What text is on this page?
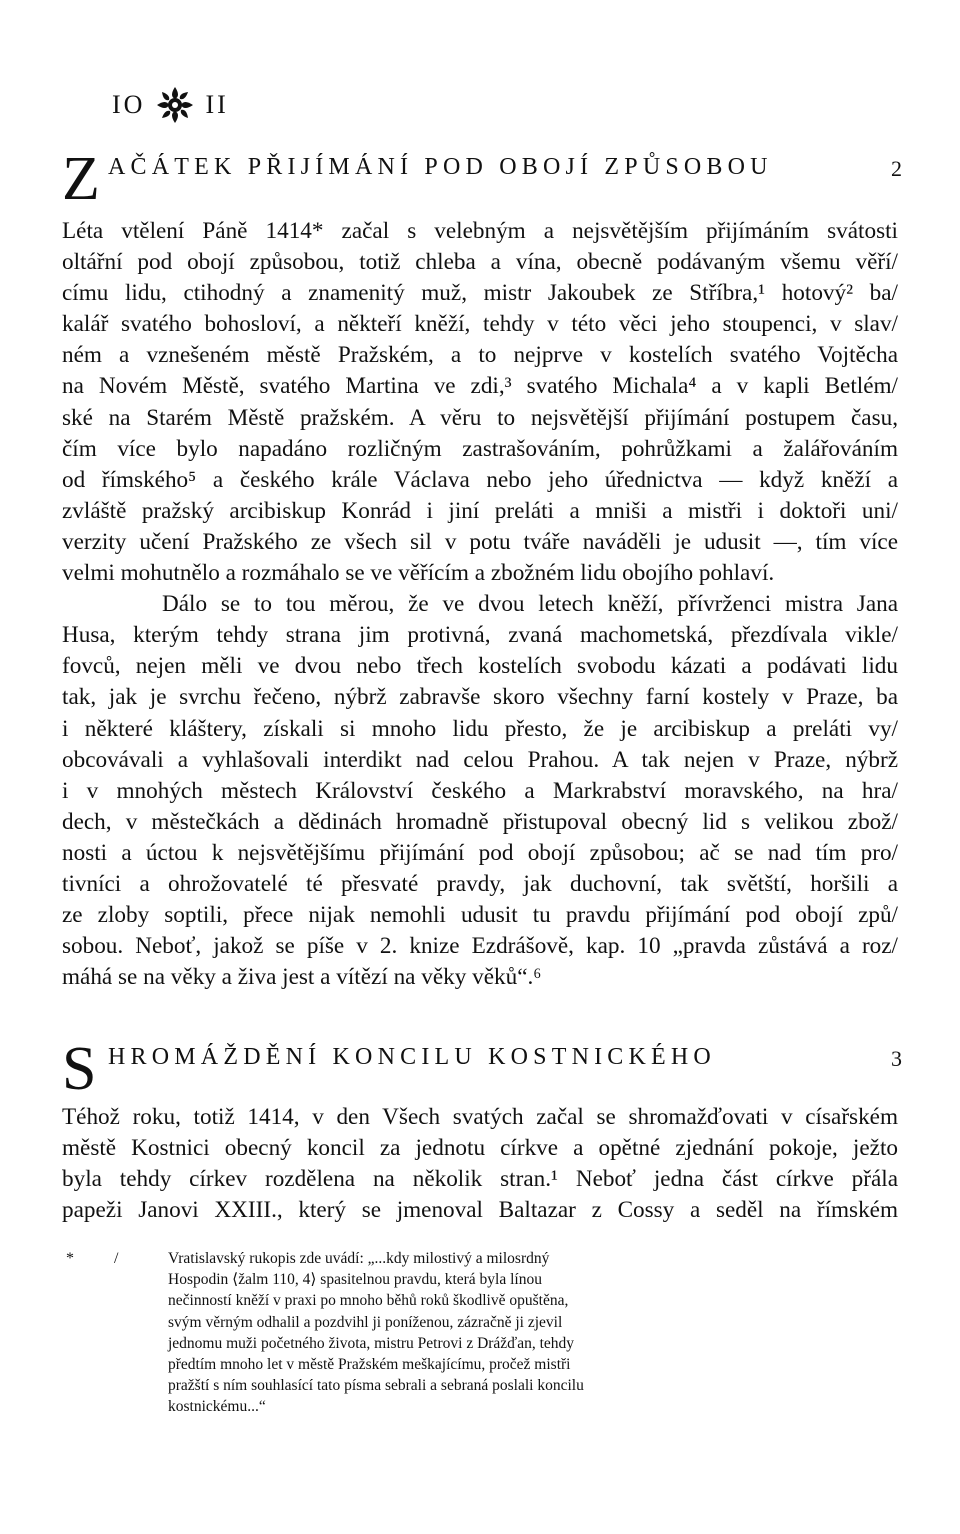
IO II
Z AČÁTEK PŘIJÍMÁNÍ POD OBOJÍ ZPŮSOBOU	2
Léta vtělení Páně 1414* začal s velebným a nejsvětějším přijímáním svátosti
oltářní pod obojí způsobou, totiž chleba a vína, obecně podávaným všemu věří/
címu lidu, ctihodný a znamenitý muž, mistr Jakoubek ze Stříbra,¹ hotový² ba/
kalář svatého bohosloví, a někteří kněží, tehdy v této věci jeho stoupenci, v slav/
ném a vznešeném městě Pražském, a to nejprve v kostelích svatého Vojtěcha
na Novém Městě, svatého Martina ve zdi,³ svatého Michala⁴ a v kapli Betlém/
ské na Starém Městě pražském. A věru to nejsvětější přijímání postupem času,
čím více bylo napadáno rozličným zastrašováním, pohrůžkami a žalářováním
od římského⁵ a českého krále Václava nebo jeho úřednictva — když kněží a
zvláště pražský arcibiskup Konrád i jiní preláti a mniši a mistři i doktoři uni/
verzity učení Pražského ze všech sil v potu tváře naváděli je udusit —, tím více
velmi mohutnělo a rozmáhalo se ve věřícím a zbožném lidu obojího pohlaví.
Dálo se to tou měrou, že ve dvou letech kněží, přívrženci mistra Jana
Husa, kterým tehdy strana jim protivná, zvaná machometská, přezdívala vikle/
fovců, nejen měli ve dvou nebo třech kostelích svobodu kázati a podávati lidu
tak, jak je svrchu řečeno, nýbrž zabravše skoro všechny farní kostely v Praze, ba
i některé kláštery, získali si mnoho lidu přesto, že je arcibiskup a preláti vy/
obcovávali a vyhlašovali interdikt nad celou Prahou. A tak nejen v Praze, nýbrž
i v mnohých městech Království českého a Markrabství moravského, na hra/
dech, v městečkách a dědinách hromadně přistupoval obecný lid s velikou zbož/
nosti a úctou k nejsvětějšímu přijímání pod obojí způsobou; ač se nad tím pro/
tivníci a ohrožovatelé té přesvaté pravdy, jak duchovní, tak světští, horšili a
ze zloby soptili, přece nijak nemohli udusit tu pravdu přijímání pod obojí způ/
sobou. Neboť, jakož se píše v 2. knize Ezdrášově, kap. 10 „pravda zůstává a roz/
máhá se na věky a živa jest a vítězí na věky věků“.⁶
S HROMÁŽDĚNÍ KONCILU KOSTNICKÉHO	3
Téhož roku, totiž 1414, v den Všech svatých začal se shromažďovati v císařském
městě Kostnici obecný koncil za jednotu církve a opětné zjednání pokoje, ježto
byla tehdy církev rozdělena na několik stran.¹ Neboť jedna část církve přála
papeži Janovi XXIII., který se jmenoval Baltazar z Cossy a seděl na římském
*	/	Vratislavský rukopis zde uvádí: „...kdy milostivý a milosrdný
Hospodin ⟨žalm 110, 4⟩ spasitelnou pravdu, která byla línou
nečinností kněží v praxi po mnoho běhů roků škodlivě opuštěna,
svým věrným odhalil a pozdvihl ji poníženou, zázračně ji zjevil
jednomu muži početného života, mistru Petrovi z Drážďan, tehdy
předtím mnoho let v městě Pražském meškajícímu, pročež mistři
pražští s ním souhlasící tato písma sebrali a sebraná poslali koncilu
kostnickému...“
